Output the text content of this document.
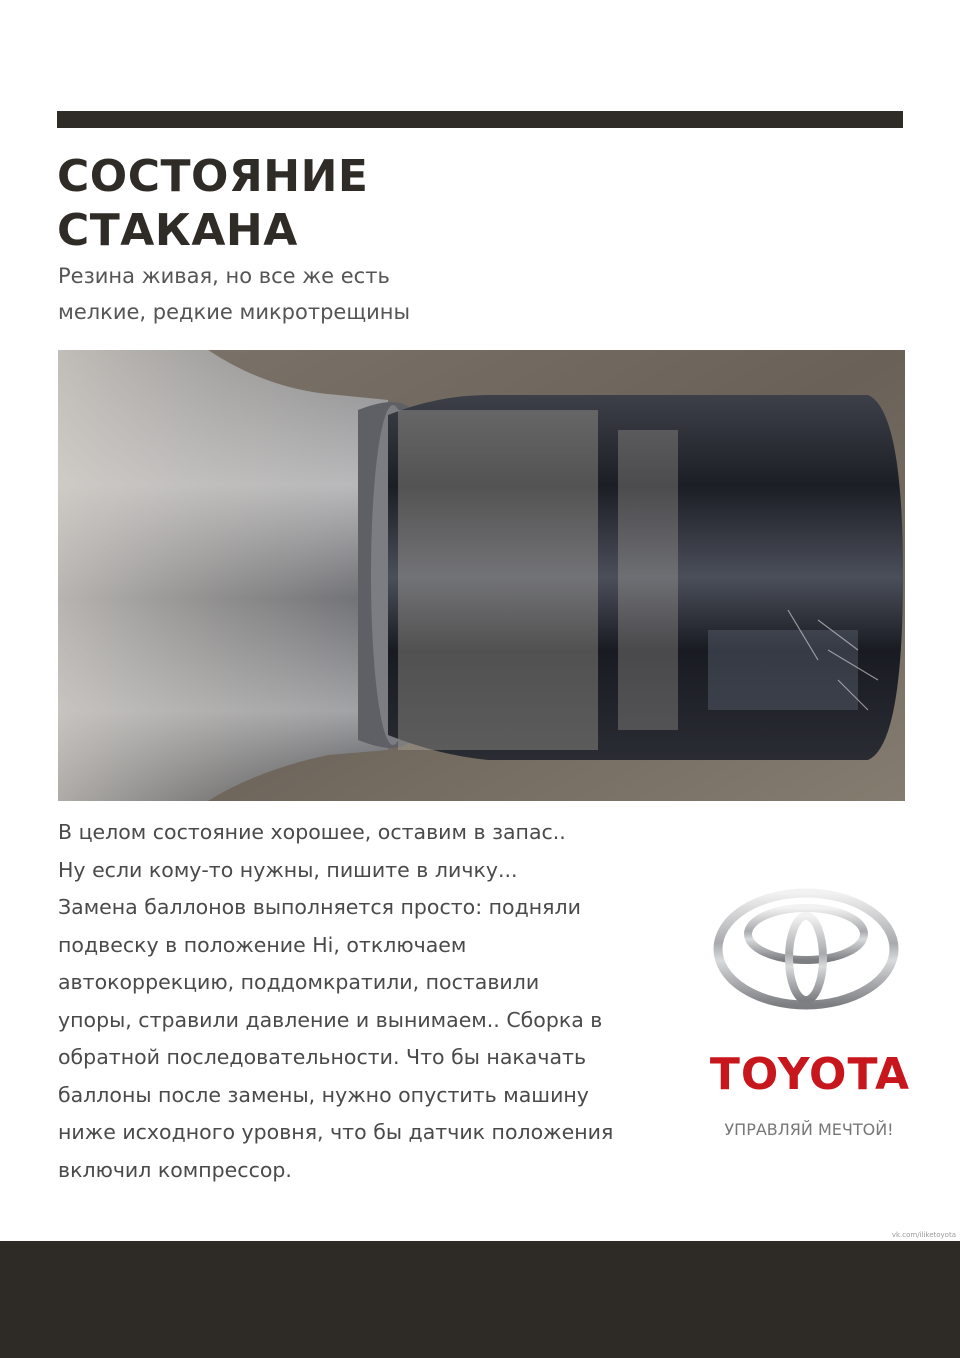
СОСТОЯНИЕ
СТАКАНА
Резина живая, но все же есть
мелкие, редкие микротрещины
В целом состояние хорошее, оставим в запас..
Ну если кому-то нужны, пишите в личку...
Замена баллонов выполняется просто: подняли
подвеску в положение Hi, отключаем
автокоррекцию, поддомкратили, поставили
упоры, стравили давление и вынимаем.. Сборка в
обратной последовательности. Что бы накачать
баллоны после замены, нужно опустить машину
ниже исходного уровня, что бы датчик положения
включил компрессор.
TOYOTA
УПРАВЛЯЙ МЕЧТОЙ!
vk.com/iliketoyota
